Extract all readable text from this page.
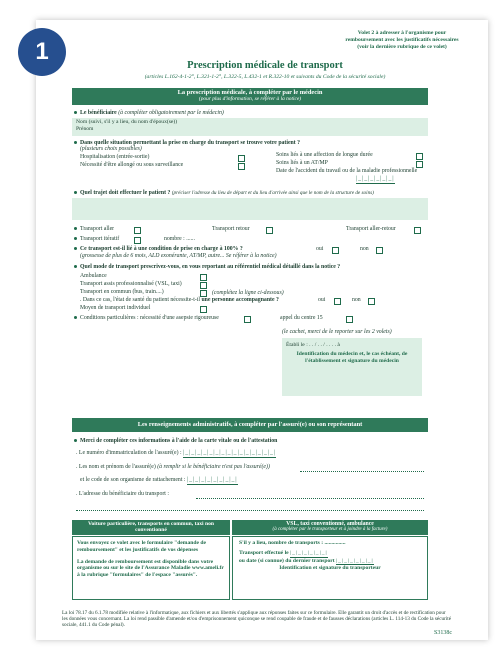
1
Volet 2 à adresser à l'organisme pour remboursement avec les justificatifs nécessaires (voir la dernière rubrique de ce volet)
Prescription médicale de transport
(articles L.162-4-1-2°, L.321-1-2°, L.322-5, L.432-1 et R.322-10 et suivants du Code de la sécurité sociale)
La prescription médicale, à compléter par le médecin
(pour plus d'information, se référer à la notice)
Le bénéficiaire (à compléter obligatoirement par le médecin)
Nom (suivi, s'il y a lieu, du nom d'époux(se))
Prénom
Dans quelle situation permettant la prise en charge du transport se trouve votre patient ?
(plusieurs choix possibles)
Hospitalisation (entrée-sortie)
Nécessité d'être allongé ou sous surveillance
Soins liés à une affection de longue durée
Soins liés à un AT/MP
Date de l'accident du travail ou de la maladie professionnelle
|_|_|_|_|_|_|
Quel trajet doit effectuer le patient ? (préciser l'adresse du lieu de départ et du lieu d'arrivée ainsi que le nom de la structure de soins)
Transport aller	Transport retour	Transport aller-retour
Transport itératif	nombre : ......
Ce transport est-il lié à une condition de prise en charge à 100% ?
(grossesse de plus de 6 mois, ALD exonérante, AT/MP, autre... Se référer à la notice)
oui	non
Quel mode de transport prescrivez-vous, en vous reportant au référentiel médical détaillé dans la notice ?
Ambulance
Transport assis professionnalisé (VSL, taxi)
Transport en commun (bus, train....)	(complétez la ligne ci-dessous)
. Dans ce cas, l'état de santé du patient nécessite-t-il une personne accompagnante ?	oui	non
Moyen de transport individuel
Conditions particulières : nécessité d'une asepsie rigoureuse	appel du centre 15
(le cachet, merci de le reporter sur les 2 volets)
Établi le : . . / . . / . . . . à
Identification du médecin et, le cas échéant, de l'établissement et signature du médecin
Les renseignements administratifs, à compléter par l'assuré(e) ou son représentant
Merci de compléter ces informations à l'aide de la carte vitale ou de l'attestation
. Le numéro d'immatriculation de l'assuré(e) : |_|_|_|_|_|_|_|_|_|_|_|_|_|_|_|
. Les nom et prénom de l'assuré(e) (à remplir si le bénéficiaire n'est pas l'assuré(e))
et le code de son organisme de rattachement : |_|_|_|_|_|_|_|_|
. L'adresse du bénéficiaire du transport :
Voiture particulière, transports en commun, taxi non conventionné
VSL, taxi conventionné, ambulance
(à compléter par le transporteur et à joindre à la facture)
Vous envoyez ce volet avec le formulaire "demande de remboursement" et les justificatifs de vos dépenses
La demande de remboursement est disponible dans votre organisme ou sur le site de l'Assurance Maladie www.ameli.fr à la rubrique "formulaires" de l'espace "assurés".
S'il y a lieu, nombre de transports : ...............
Transport effectué le |_|_|_|_|_|_|
ou date (si connue) du dernier transport |_|_|_|_|_|_|
Identification et signature du transporteur
La loi 78.17 du 6.1.78 modifiée relative à l'informatique, aux fichiers et aux libertés s'applique aux réponses faites sur ce formulaire. Elle garantit un droit d'accès et de rectification pour les données vous concernant. La loi rend passible d'amende et/ou d'emprisonnement quiconque se rend coupable de fraude et de fausses déclarations (articles L. 114-13 du Code la sécurité sociale, 441.1 du Code pénal).
S3138c
